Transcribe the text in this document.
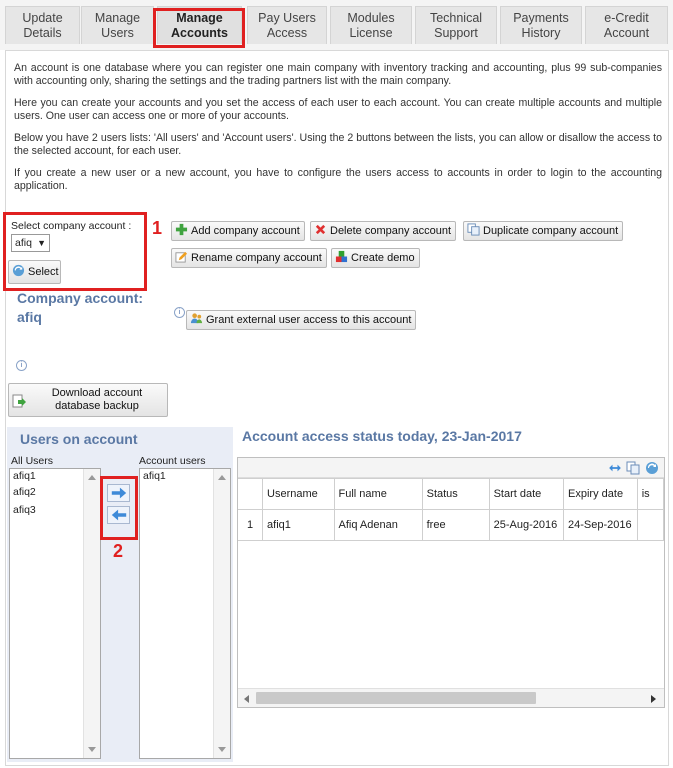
Update
Details
Manage
Users
Manage
Accounts
Pay Users
Access
Modules
License
Technical
Support
Payments
History
e-Credit
Account
An account is one database where you can register one main company with inventory tracking and accounting, plus 99 sub-companies with accounting only, sharing the settings and the trading partners list with the main company.
Here you can create your accounts and you set the access of each user to each account. You can create multiple accounts and multiple users. One user can access one or more of your accounts.
Below you have 2 users lists: 'All users' and 'Account users'. Using the 2 buttons between the lists, you can allow or disallow the access to the selected account, for each user.
If you create a new user or a new account, you have to configure the users access to accounts in order to login to the accounting application.
Select company account :
afiq ▼
Select
1	Add company account	Delete company account	Duplicate company account
Rename company account	Create demo
Company account:
afiq	i
Grant external user access to this account
i
Download account database backup
Users on account
All Users	Account users
afiq1
afiq2
afiq3
afiq1
2
Account access status today, 23-Jan-2017
	Username	Full name	Status	Start date	Expiry date	is
1	afiq1	Afiq Adenan	free	25-Aug-2016	24-Sep-2016	
